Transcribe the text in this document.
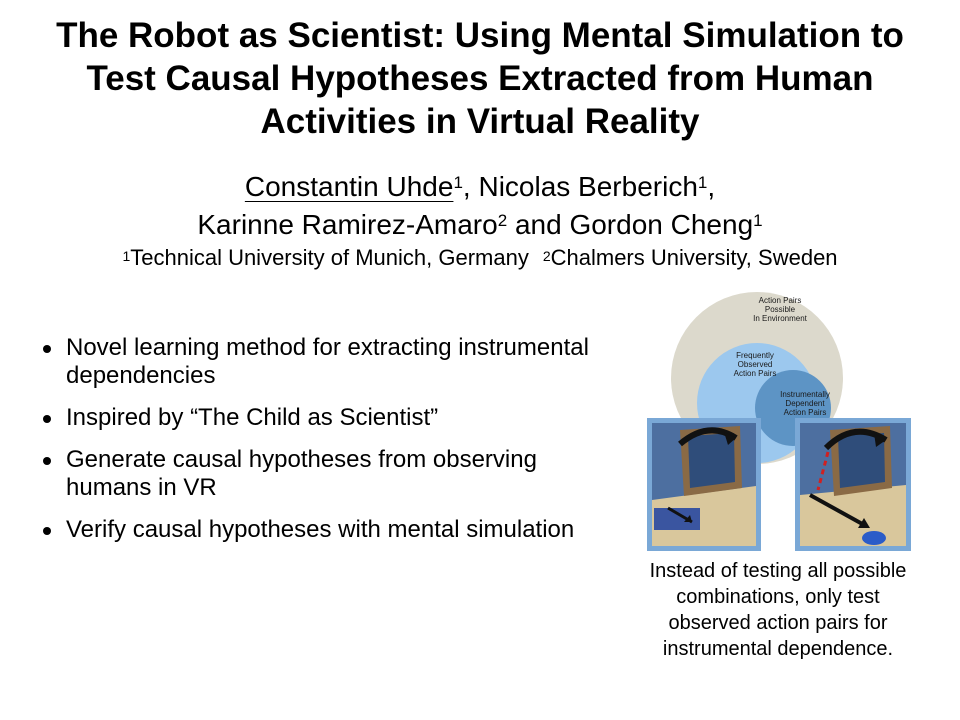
The Robot as Scientist: Using Mental Simulation to Test Causal Hypotheses Extracted from Human Activities in Virtual Reality
Constantin Uhde$^1$, Nicolas Berberich$^1$,
Karinne Ramirez-Amaro$^2$ and Gordon Cheng$^1$
$^1$Technical University of Munich, Germany $^2$Chalmers University, Sweden
Novel learning method for extracting instrumental dependencies
Inspired by “The Child as Scientist”
Generate causal hypotheses from observing humans in VR
Verify causal hypotheses with mental simulation
Action Pairs
Possible
In Environment
Frequently
Observed
Action Pairs
Instrumentally
Dependent
Action Pairs
Instead of testing all possible combinations, only test observed action pairs for instrumental dependence.
